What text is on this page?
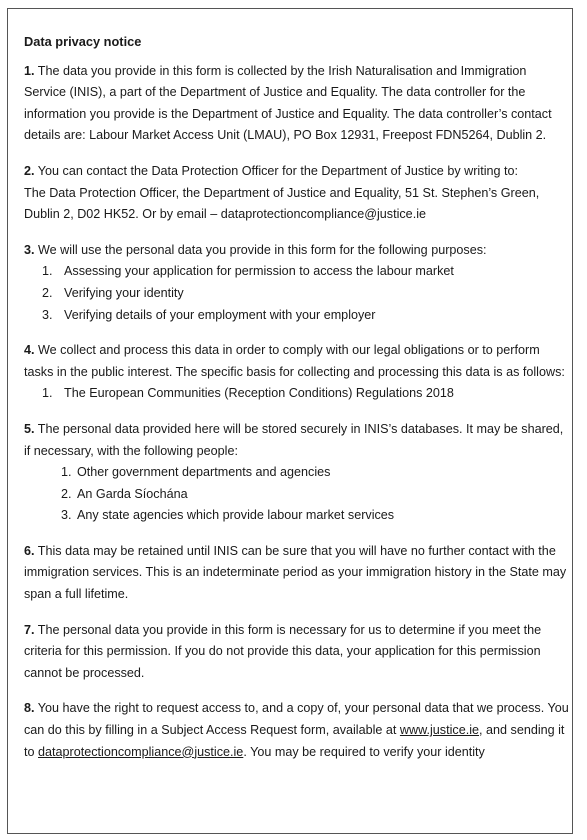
Data privacy notice
1. The data you provide in this form is collected by the Irish Naturalisation and Immigration Service (INIS), a part of the Department of Justice and Equality. The data controller for the information you provide is the Department of Justice and Equality. The data controller’s contact details are: Labour Market Access Unit (LMAU), PO Box 12931, Freepost FDN5264, Dublin 2.
2. You can contact the Data Protection Officer for the Department of Justice by writing to:
The Data Protection Officer, the Department of Justice and Equality, 51 St. Stephen’s Green, Dublin 2, D02 HK52. Or by email – dataprotectioncompliance@justice.ie
3. We will use the personal data you provide in this form for the following purposes:
1. Assessing your application for permission to access the labour market
2. Verifying your identity
3. Verifying details of your employment with your employer
4. We collect and process this data in order to comply with our legal obligations or to perform tasks in the public interest. The specific basis for collecting and processing this data is as follows:
1. The European Communities (Reception Conditions) Regulations 2018
5. The personal data provided here will be stored securely in INIS’s databases. It may be shared, if necessary, with the following people:
1. Other government departments and agencies
2. An Garda Síochána
3. Any state agencies which provide labour market services
6. This data may be retained until INIS can be sure that you will have no further contact with the immigration services. This is an indeterminate period as your immigration history in the State may span a full lifetime.
7. The personal data you provide in this form is necessary for us to determine if you meet the criteria for this permission. If you do not provide this data, your application for this permission cannot be processed.
8. You have the right to request access to, and a copy of, your personal data that we process. You can do this by filling in a Subject Access Request form, available at www.justice.ie, and sending it to dataprotectioncompliance@justice.ie. You may be required to verify your identity
